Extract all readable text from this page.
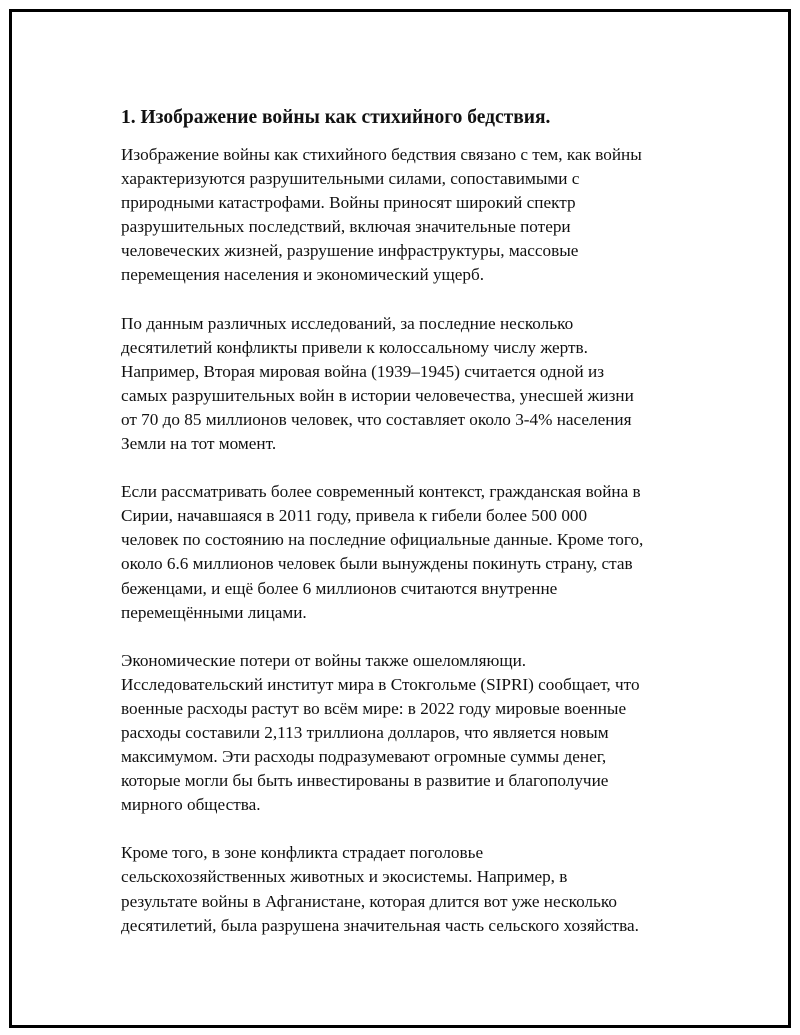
1. Изображение войны как стихийного бедствия.

Изображение войны как стихийного бедствия связано с тем, как войны
характеризуются разрушительными силами, сопоставимыми с
природными катастрофами. Войны приносят широкий спектр
разрушительных последствий, включая значительные потери
человеческих жизней, разрушение инфраструктуры, массовые
перемещения населения и экономический ущерб.

По данным различных исследований, за последние несколько
десятилетий конфликты привели к колоссальному числу жертв.
Например, Вторая мировая война (1939–1945) считается одной из
самых разрушительных войн в истории человечества, унесшей жизни
от 70 до 85 миллионов человек, что составляет около 3-4% населения
Земли на тот момент.

Если рассматривать более современный контекст, гражданская война в
Сирии, начавшаяся в 2011 году, привела к гибели более 500 000
человек по состоянию на последние официальные данные. Кроме того,
около 6.6 миллионов человек были вынуждены покинуть страну, став
беженцами, и ещё более 6 миллионов считаются внутренне
перемещёнными лицами.

Экономические потери от войны также ошеломляющи.
Исследовательский институт мира в Стокгольме (SIPRI) сообщает, что
военные расходы растут во всём мире: в 2022 году мировые военные
расходы составили 2,113 триллиона долларов, что является новым
максимумом. Эти расходы подразумевают огромные суммы денег,
которые могли бы быть инвестированы в развитие и благополучие
мирного общества.

Кроме того, в зоне конфликта страдает поголовье
сельскохозяйственных животных и экосистемы. Например, в
результате войны в Афганистане, которая длится вот уже несколько
десятилетий, была разрушена значительная часть сельского хозяйства.
